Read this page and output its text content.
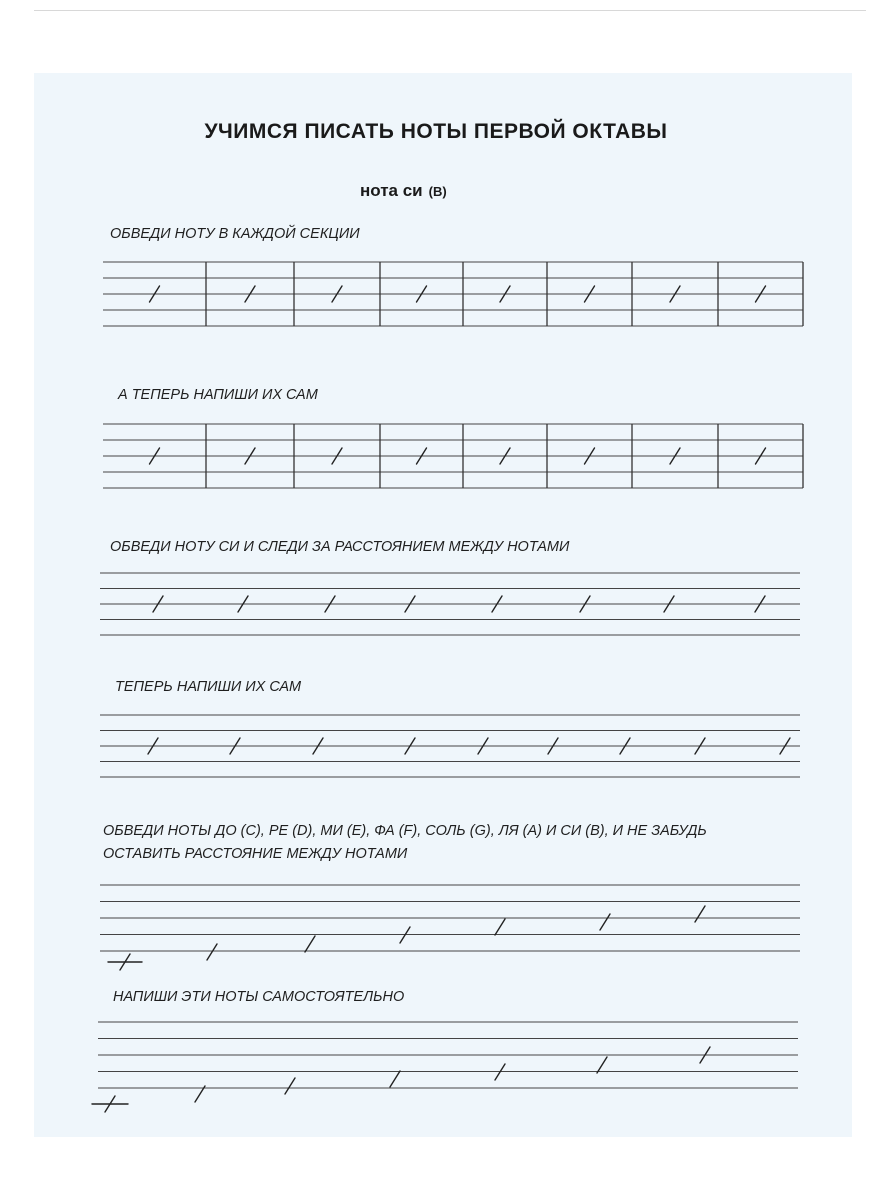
УЧИМСЯ ПИСАТЬ НОТЫ ПЕРВОЙ ОКТАВЫ
нота си (B)
ОБВЕДИ НОТУ В КАЖДОЙ СЕКЦИИ
А ТЕПЕРЬ НАПИШИ ИХ САМ
ОБВЕДИ НОТУ СИ И СЛЕДИ ЗА РАССТОЯНИЕМ МЕЖДУ НОТАМИ
ТЕПЕРЬ НАПИШИ ИХ САМ
ОБВЕДИ НОТЫ ДО (C), РЕ (D), МИ (E), ФА (F), СОЛЬ (G), ЛЯ (A) И СИ (B), И НЕ ЗАБУДЬ
ОСТАВИТЬ РАССТОЯНИЕ МЕЖДУ НОТАМИ
НАПИШИ ЭТИ НОТЫ САМОСТОЯТЕЛЬНО
